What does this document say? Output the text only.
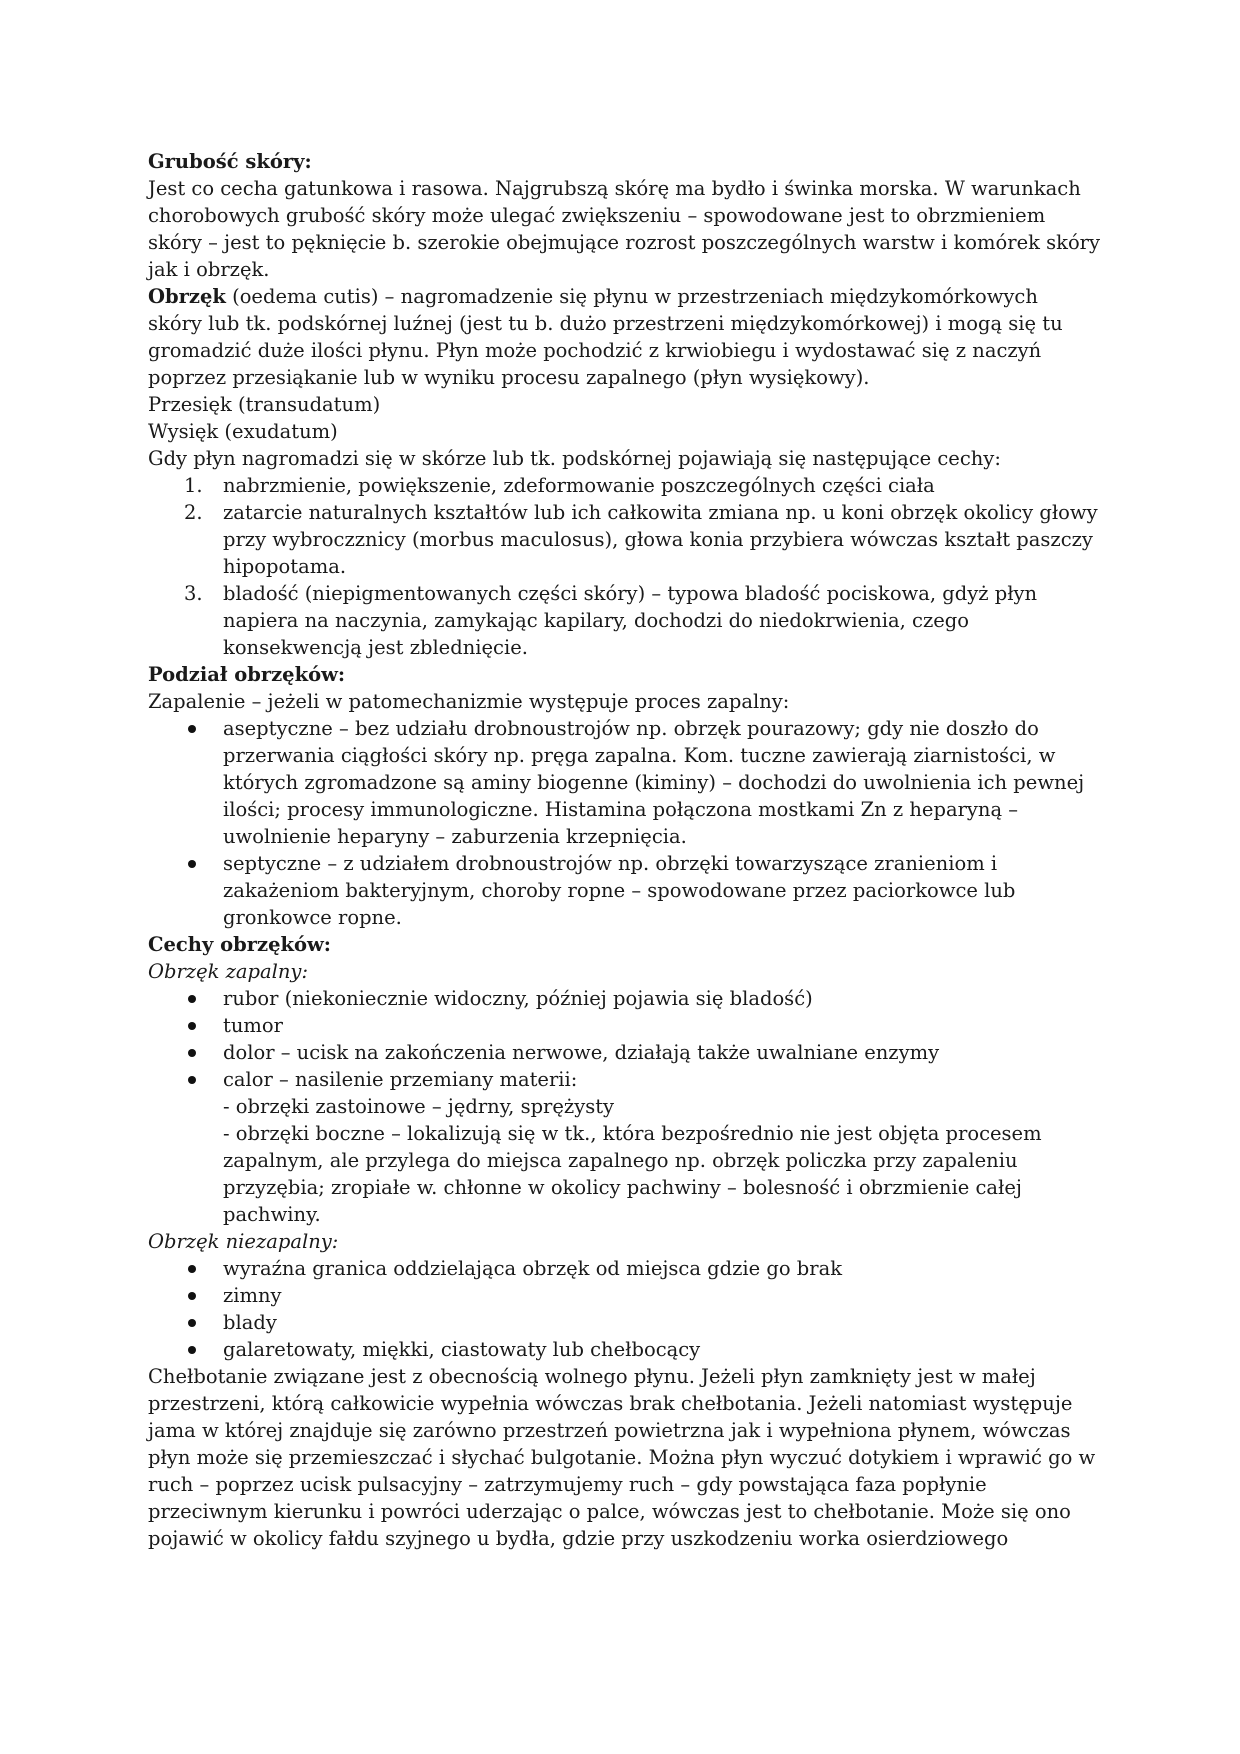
Grubość skóry:
Jest co cecha gatunkowa i rasowa. Najgrubszą skórę ma bydło i świnka morska. W warunkach
chorobowych grubość skóry może ulegać zwiększeniu – spowodowane jest to obrzmieniem
skóry – jest to pęknięcie b. szerokie obejmujące rozrost poszczególnych warstw i komórek skóry
jak i obrzęk.
Obrzęk (oedema cutis) – nagromadzenie się płynu w przestrzeniach międzykomórkowych
skóry lub tk. podskórnej luźnej (jest tu b. dużo przestrzeni międzykomórkowej) i mogą się tu
gromadzić duże ilości płynu. Płyn może pochodzić z krwiobiegu i wydostawać się z naczyń
poprzez przesiąkanie lub w wyniku procesu zapalnego (płyn wysiękowy).
Przesięk (transudatum)
Wysięk (exudatum)
Gdy płyn nagromadzi się w skórze lub tk. podskórnej pojawiają się następujące cechy:
1. nabrzmienie, powiększenie, zdeformowanie poszczególnych części ciała
2. zatarcie naturalnych kształtów lub ich całkowita zmiana np. u koni obrzęk okolicy głowy
przy wybroczznicy (morbus maculosus), głowa konia przybiera wówczas kształt paszczy
hipopotama.
3. bladość (niepigmentowanych części skóry) – typowa bladość pociskowa, gdyż płyn
napiera na naczynia, zamykając kapilary, dochodzi do niedokrwienia, czego
konsekwencją jest zblednięcie.
Podział obrzęków:
Zapalenie – jeżeli w patomechanizmie występuje proces zapalny:
aseptyczne – bez udziału drobnoustrojów np. obrzęk pourazowy; gdy nie doszło do
przerwania ciągłości skóry np. pręga zapalna. Kom. tuczne zawierają ziarnistości, w
których zgromadzone są aminy biogenne (kiminy) – dochodzi do uwolnienia ich pewnej
ilości; procesy immunologiczne. Histamina połączona mostkami Zn z heparyną –
uwolnienie heparyny – zaburzenia krzepnięcia.
septyczne – z udziałem drobnoustrojów np. obrzęki towarzyszące zranieniom i
zakażeniom bakteryjnym, choroby ropne – spowodowane przez paciorkowce lub
gronkowce ropne.
Cechy obrzęków:
Obrzęk zapalny:
rubor (niekoniecznie widoczny, później pojawia się bladość)
tumor
dolor – ucisk na zakończenia nerwowe, działają także uwalniane enzymy
calor – nasilenie przemiany materii:
- obrzęki zastoinowe – jędrny, sprężysty
- obrzęki boczne – lokalizują się w tk., która bezpośrednio nie jest objęta procesem
zapalnym, ale przylega do miejsca zapalnego np. obrzęk policzka przy zapaleniu
przyzębia; zropiałe w. chłonne w okolicy pachwiny – bolesność i obrzmienie całej
pachwiny.
Obrzęk niezapalny:
wyraźna granica oddzielająca obrzęk od miejsca gdzie go brak
zimny
blady
galaretowaty, miękki, ciastowaty lub chełbocący
Chełbotanie związane jest z obecnością wolnego płynu. Jeżeli płyn zamknięty jest w małej
przestrzeni, którą całkowicie wypełnia wówczas brak chełbotania. Jeżeli natomiast występuje
jama w której znajduje się zarówno przestrzeń powietrzna jak i wypełniona płynem, wówczas
płyn może się przemieszczać i słychać bulgotanie. Można płyn wyczuć dotykiem i wprawić go w
ruch – poprzez ucisk pulsacyjny – zatrzymujemy ruch – gdy powstająca faza popłynie
przeciwnym kierunku i powróci uderzając o palce, wówczas jest to chełbotanie. Może się ono
pojawić w okolicy fałdu szyjnego u bydła, gdzie przy uszkodzeniu worka osierdziowego
